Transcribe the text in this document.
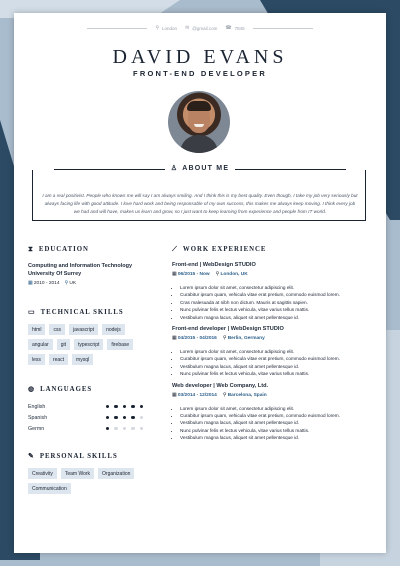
⚲ London ✉ @gmail.com ☎ 7845
DAVID EVANS
FRONT-END DEVELOPER
♙ ABOUT ME
I am a real positivist. People who knows me will say I am always smiling. And I think this is my best quality. Even though, I take my job very seriously but always facing life with good attitude. I love hard work and being responsable of my own success, this makes me always keep moving. I think every job we had and will have, makes us learn and grow, so I just want to keep learning from experience and people from IT world.
⧗ EDUCATION
Computing and Information Technology
University Of Surrey
▦ 2010 - 2014 ⚲ UK
▭ TECHNICAL SKILLS
html	css	javascript	nodejs
angular	git	typescript	firebase
less	react	mysql
◍ LANGUAGES
English
Spanish
Germn
✎ PERSONAL SKILLS
Creativity	Team Work	Organization
Communication
⟋ WORK EXPERIENCE
Front-end | WebDesign STUDIO
▦ 06/2015 - Now ⚲ London, UK
• Lorem ipsum dolor sit amet, consectetur adipiscing elit.
• Curabitur ipsum quam, vehicula vitae erat pretium, commodo euismod lorem.
• Cras malesuada at nibh non dictum. Mauris at sagittis sapien.
• Nunc pulvinar felis et lectus vehicula, vitae varius tellus mattis.
• Vestibulum magna lacus, aliquet sit amet pellentesque id.
Front-end developer | WebDesign STUDIO
▦ 04/2015 - 04/2016 ⚲ Berlin, Germany
• Lorem ipsum dolor sit amet, consectetur adipiscing elit.
• Curabitur ipsum quam, vehicula vitae erat pretium, commodo euismod lorem.
• Vestibulum magna lacus, aliquet sit amet pellentesque id.
• Nunc pulvinar felis et lectus vehicula, vitae varius tellus mattis.
Web developer | Web Company, Ltd.
▦ 03/2014 - 12/2014 ⚲ Barcelona, Spain
• Lorem ipsum dolor sit amet, consectetur adipiscing elit.
• Curabitur ipsum quam, vehicula vitae erat pretium, commodo euismod lorem.
• Vestibulum magna lacus, aliquet sit amet pellentesque id.
• Nunc pulvinar felis et lectus vehicula, vitae varius tellus mattis.
• Vestibulum magna lacus, aliquet sit amet pellentesque id.
